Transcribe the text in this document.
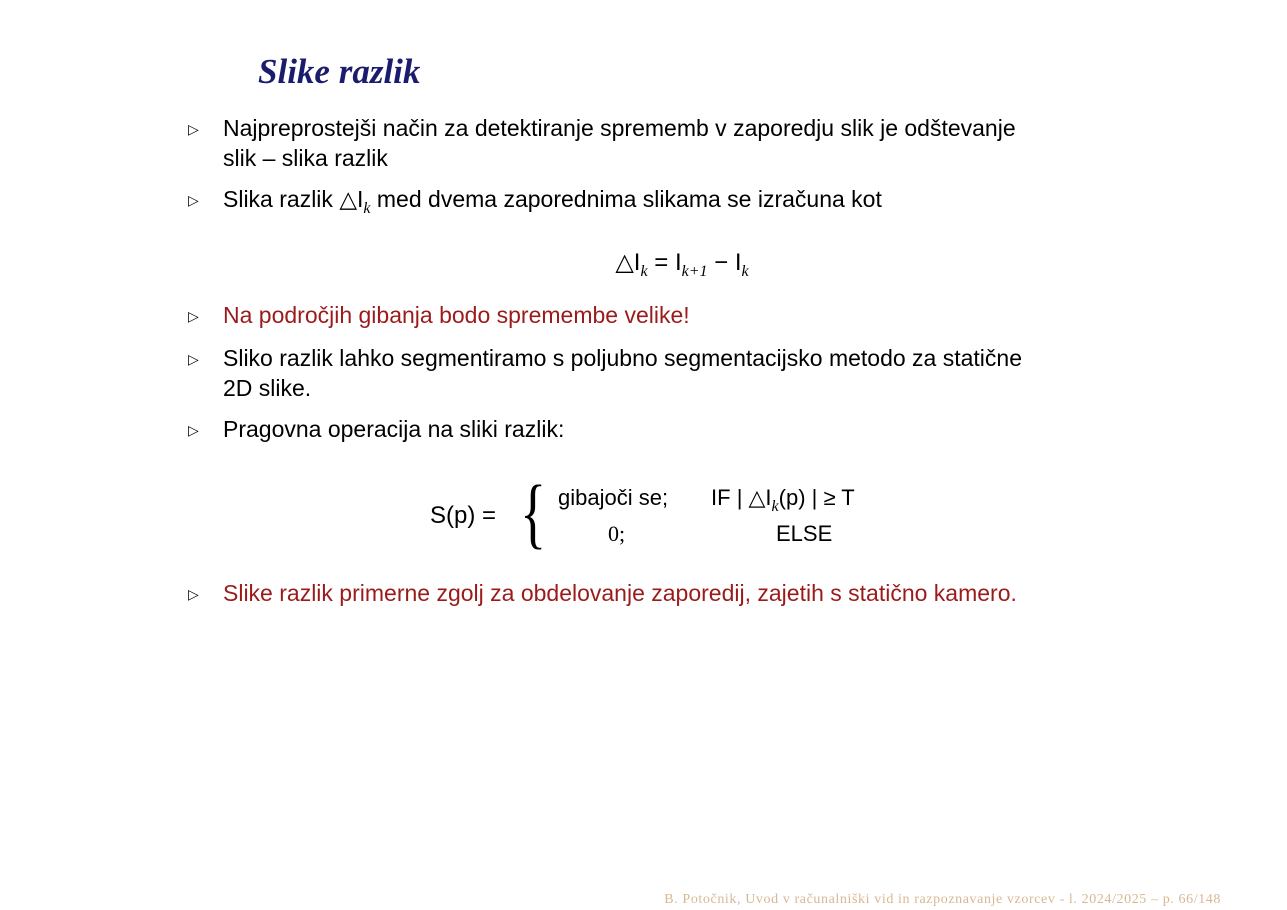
Slike razlik
▷ Najpreprostejši način za detektiranje sprememb v zaporedju slik je odštevanje
slik – slika razlik
▷ Slika razlik $\triangle I_k$ med dvema zaporednima slikama se izračuna kot
$\triangle I_k = I_{k+1} - I_k$
▷ Na področjih gibanja bodo spremembe velike!
▷ Sliko razlik lahko segmentiramo s poljubno segmentacijsko metodo za statične
2D slike.
▷ Pragovna operacija na sliki razlik:
S(p) = { gibajoči se; IF | $\triangle I_k(p)$ | ≥ T
0;	ELSE
▷ Slike razlik primerne zgolj za obdelovanje zaporedij, zajetih s statično kamero.
B. Potočnik, Uvod v računalniški vid in razpoznavanje vzorcev - l. 2024/2025 – p. 66/148
